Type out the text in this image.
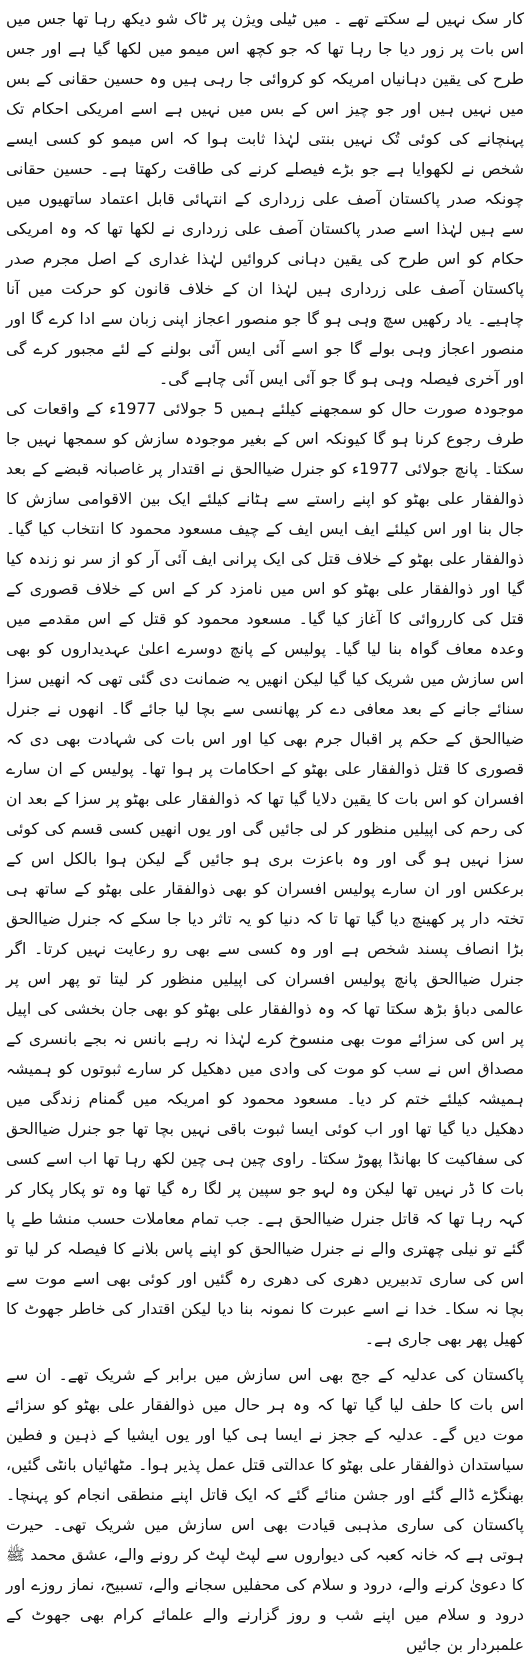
کار سک نہیں لے سکتے تھے ۔ میں ٹیلی ویژن پر ٹاک شو دیکھ رہا تھا جس میں اس بات پر زور دیا جا رہا تھا کہ جو کچھ اس میمو میں لکھا گیا ہے اور جس طرح کی یقین دہانیاں امریکہ کو کروائی جا رہی ہیں وہ حسین حقانی کے بس میں نہیں ہیں اور جو چیز اس کے بس میں نہیں ہے اسے امریکی احکام تک پہنچانے کی کوئی تُک نہیں بنتی لہٰذا ثابت ہوا کہ اس میمو کو کسی ایسے شخص نے لکھوایا ہے جو بڑے فیصلے کرنے کی طاقت رکھتا ہے۔ حسین حقانی چونکہ صدر پاکستان آصف علی زرداری کے انتہائی قابل اعتماد ساتھیوں میں سے ہیں لہٰذا اسے صدر پاکستان آصف علی زرداری نے لکھا تھا کہ وہ امریکی حکام کو اس طرح کی یقین دہانی کروائیں لہٰذا غداری کے اصل مجرم صدر پاکستان آصف علی زرداری ہیں لہٰذا ان کے خلاف قانون کو حرکت میں آنا چاہیے۔ یاد رکھیں سچ وہی ہو گا جو منصور اعجاز اپنی زبان سے ادا کرے گا اور منصور اعجاز وہی بولے گا جو اسے آئی ایس آئی بولنے کے لئے مجبور کرے گی اور آخری فیصلہ وہی ہو گا جو آئی ایس آئی چاہے گی۔

موجودہ صورت حال کو سمجھنے کیلئے ہمیں 5 جولائی 1977ء کے واقعات کی طرف رجوع کرنا ہو گا کیونکہ اس کے بغیر موجودہ سازش کو سمجھا نہیں جا سکتا۔ پانچ جولائی 1977ء کو جنرل ضیاالحق نے اقتدار پر غاصبانہ قبضے کے بعد ذوالفقار علی بھٹو کو اپنے راستے سے ہٹانے کیلئے ایک بین الاقوامی سازش کا جال بنا اور اس کیلئے ایف ایس ایف کے چیف مسعود محمود کا انتخاب کیا گیا۔ ذوالفقار علی بھٹو کے خلاف قتل کی ایک پرانی ایف آئی آر کو از سر نو زندہ کیا گیا اور ذوالفقار علی بھٹو کو اس میں نامزد کر کے اس کے خلاف قصوری کے قتل کی کارروائی کا آغاز کیا گیا۔ مسعود محمود کو قتل کے اس مقدمے میں وعدہ معاف گواہ بنا لیا گیا۔ پولیس کے پانچ دوسرے اعلیٰ عہدیداروں کو بھی اس سازش میں شریک کیا گیا لیکن انھیں یہ ضمانت دی گئی تھی کہ انھیں سزا سنائے جانے کے بعد معافی دے کر پھانسی سے بچا لیا جائے گا۔ انھوں نے جنرل ضیاالحق کے حکم پر اقبال جرم بھی کیا اور اس بات کی شہادت بھی دی کہ قصوری کا قتل ذوالفقار علی بھٹو کے احکامات پر ہوا تھا۔ پولیس کے ان سارے افسران کو اس بات کا یقین دلایا گیا تھا کہ ذوالفقار علی بھٹو پر سزا کے بعد ان کی رحم کی اپیلیں منظور کر لی جائیں گی اور یوں انھیں کسی قسم کی کوئی سزا نہیں ہو گی اور وہ باعزت بری ہو جائیں گے لیکن ہوا بالکل اس کے برعکس اور ان سارے پولیس افسران کو بھی ذوالفقار علی بھٹو کے ساتھ ہی تختہ دار پر کھینچ دیا گیا تھا تا کہ دنیا کو یہ تاثر دیا جا سکے کہ جنرل ضیاالحق بڑا انصاف پسند شخص ہے اور وہ کسی سے بھی رو رعایت نہیں کرتا۔ اگر جنرل ضیاالحق پانچ پولیس افسران کی اپیلیں منظور کر لیتا تو پھر اس پر عالمی دباؤ بڑھ سکتا تھا کہ وہ ذوالفقار علی بھٹو کو بھی جان بخشی کی اپیل پر اس کی سزائے موت بھی منسوخ کرے لہٰذا نہ رہے بانس نہ بجے بانسری کے مصداق اس نے سب کو موت کی وادی میں دھکیل کر سارے ثبوتوں کو ہمیشہ ہمیشہ کیلئے ختم کر دیا۔ مسعود محمود کو امریکہ میں گمنام زندگی میں دھکیل دیا گیا تھا اور اب کوئی ایسا ثبوت باقی نہیں بچا تھا جو جنرل ضیاالحق کی سفاکیت کا بھانڈا پھوڑ سکتا۔ راوی چین ہی چین لکھ رہا تھا اب اسے کسی بات کا ڈر نہیں تھا لیکن وہ لہو جو سپین پر لگا رہ گیا تھا وہ تو پکار پکار کر کہہ رہا تھا کہ قاتل جنرل ضیاالحق ہے۔ جب تمام معاملات حسب منشا طے پا گئے تو نیلی چھتری والے نے جنرل ضیاالحق کو اپنے پاس بلانے کا فیصلہ کر لیا تو اس کی ساری تدبیریں دھری کی دھری رہ گئیں اور کوئی بھی اسے موت سے بچا نہ سکا۔ خدا نے اسے عبرت کا نمونہ بنا دیا لیکن اقتدار کی خاطر جھوٹ کا کھیل پھر بھی جاری ہے۔

پاکستان کی عدلیہ کے جج بھی اس سازش میں برابر کے شریک تھے۔ ان سے اس بات کا حلف لیا گیا تھا کہ وہ ہر حال میں ذوالفقار علی بھٹو کو سزائے موت دیں گے۔ عدلیہ کے ججز نے ایسا ہی کیا اور یوں ایشیا کے ذہین و فطین سیاستدان ذوالفقار علی بھٹو کا عدالتی قتل عمل پذیر ہوا۔ مٹھائیاں بانٹی گئیں، بھنگڑے ڈالے گئے اور جشن منائے گئے کہ ایک قاتل اپنے منطقی انجام کو پہنچا۔ پاکستان کی ساری مذہبی قیادت بھی اس سازش میں شریک تھی۔ حیرت ہوتی ہے کہ خانہ کعبہ کی دیواروں سے لپٹ لپٹ کر رونے والے، عشق محمد ﷺ کا دعویٰ کرنے والے، درود و سلام کی محفلیں سجانے والے، تسبیح، نماز روزے اور درود و سلام میں اپنے شب و روز گزارنے والے علمائے کرام بھی جھوٹ کے علمبردار بن جائیں
